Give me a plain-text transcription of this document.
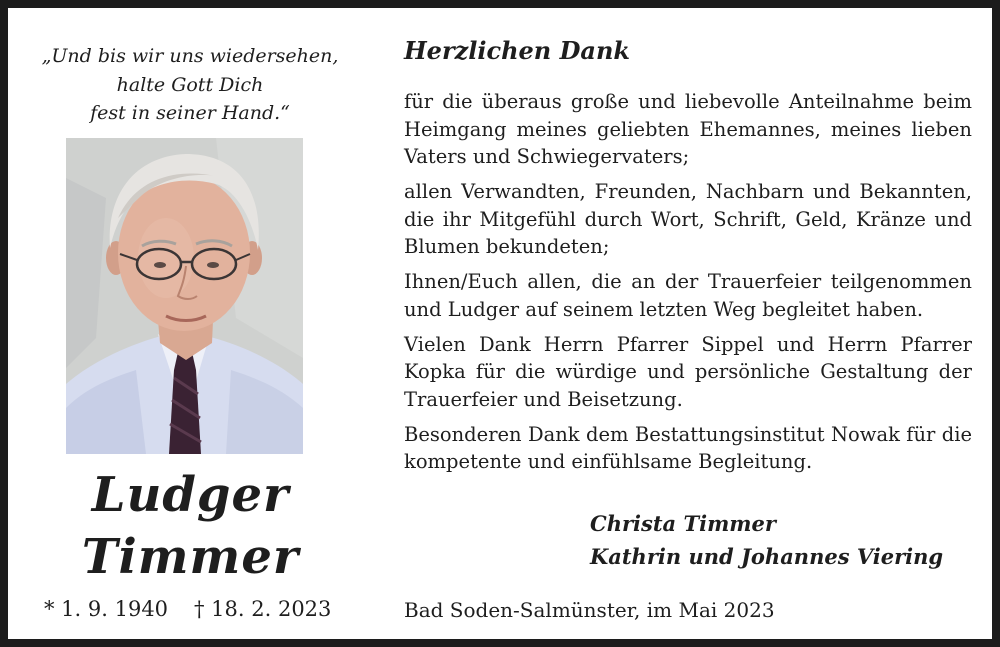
„Und bis wir uns wiedersehen,
halte Gott Dich
fest in seiner Hand.“
Ludger
Timmer
* 1. 9. 1940 † 18. 2. 2023
Herzlichen Dank

für die überaus große und liebevolle Anteilnahme beim Heimgang meines geliebten Ehemannes, meines lieben Vaters und Schwiegervaters;

allen Verwandten, Freunden, Nachbarn und Bekannten, die ihr Mitgefühl durch Wort, Schrift, Geld, Kränze und Blumen bekundeten;

Ihnen/Euch allen, die an der Trauerfeier teilgenommen und Ludger auf seinem letzten Weg begleitet haben.

Vielen Dank Herrn Pfarrer Sippel und Herrn Pfarrer Kopka für die würdige und persönliche Gestaltung der Trauerfeier und Beisetzung.

Besonderen Dank dem Bestattungsinstitut Nowak für die kompetente und einfühlsame Begleitung.

Christa Timmer
Kathrin und Johannes Viering
Bad Soden-Salmünster, im Mai 2023
